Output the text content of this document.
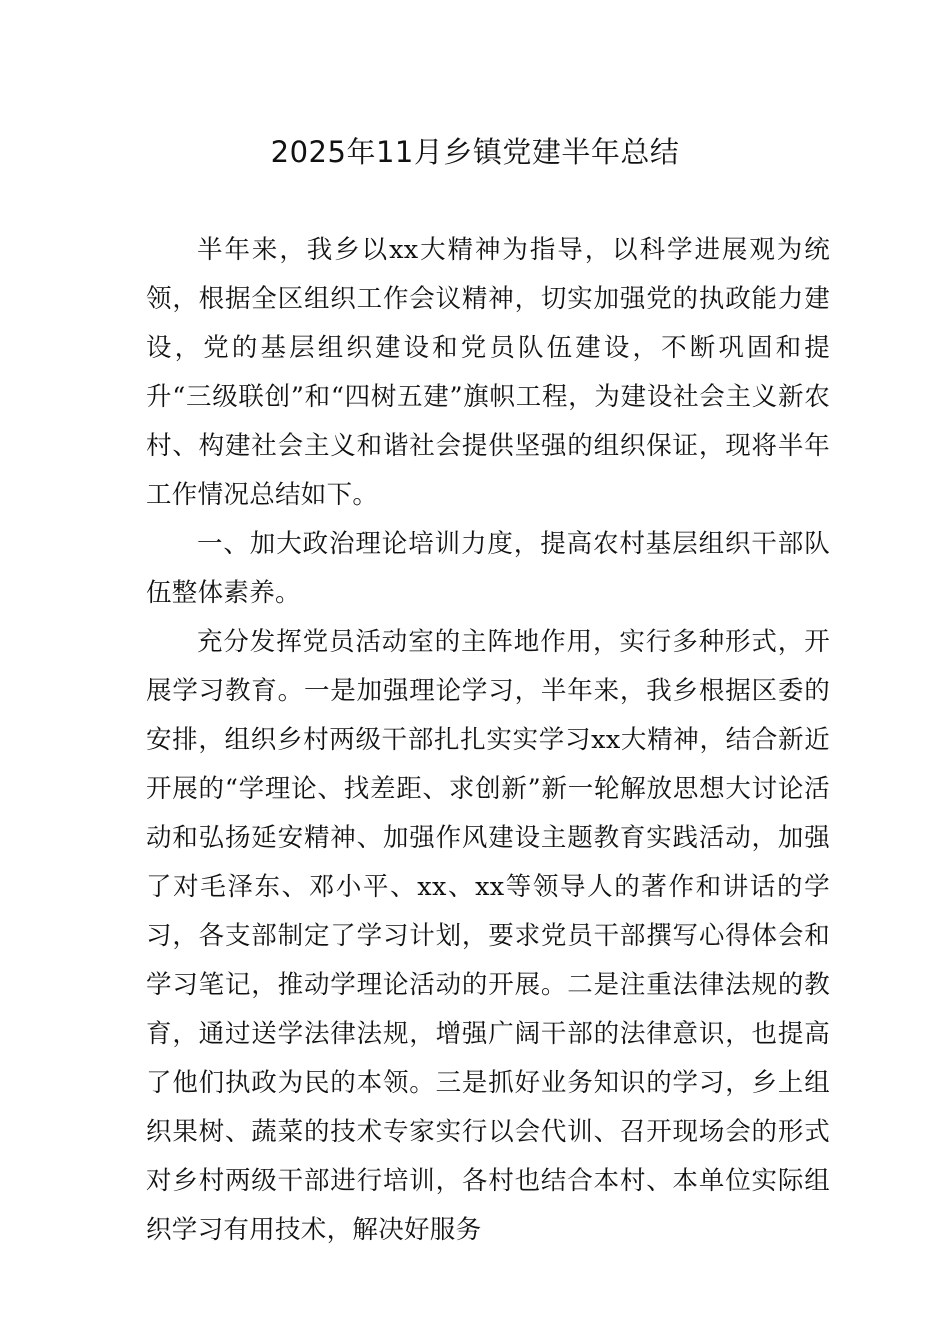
2025年11月乡镇党建半年总结

半年来，我乡以xx大精神为指导，以科学进展观为统领，根据全区组织工作会议精神，切实加强党的执政能力建设，党的基层组织建设和党员队伍建设，不断巩固和提升“三级联创”和“四树五建”旗帜工程，为建设社会主义新农村、构建社会主义和谐社会提供坚强的组织保证，现将半年工作情况总结如下。

一、加大政治理论培训力度，提高农村基层组织干部队伍整体素养。

充分发挥党员活动室的主阵地作用，实行多种形式，开展学习教育。一是加强理论学习，半年来，我乡根据区委的安排，组织乡村两级干部扎扎实实学习xx大精神，结合新近开展的“学理论、找差距、求创新”新一轮解放思想大讨论活动和弘扬延安精神、加强作风建设主题教育实践活动，加强了对毛泽东、邓小平、xx、xx等领导人的著作和讲话的学习，各支部制定了学习计划，要求党员干部撰写心得体会和学习笔记，推动学理论活动的开展。二是注重法律法规的教育，通过送学法律法规，增强广阔干部的法律意识，也提高了他们执政为民的本领。三是抓好业务知识的学习，乡上组织果树、蔬菜的技术专家实行以会代训、召开现场会的形式对乡村两级干部进行培训，各村也结合本村、本单位实际组织学习有用技术，解决好服务
